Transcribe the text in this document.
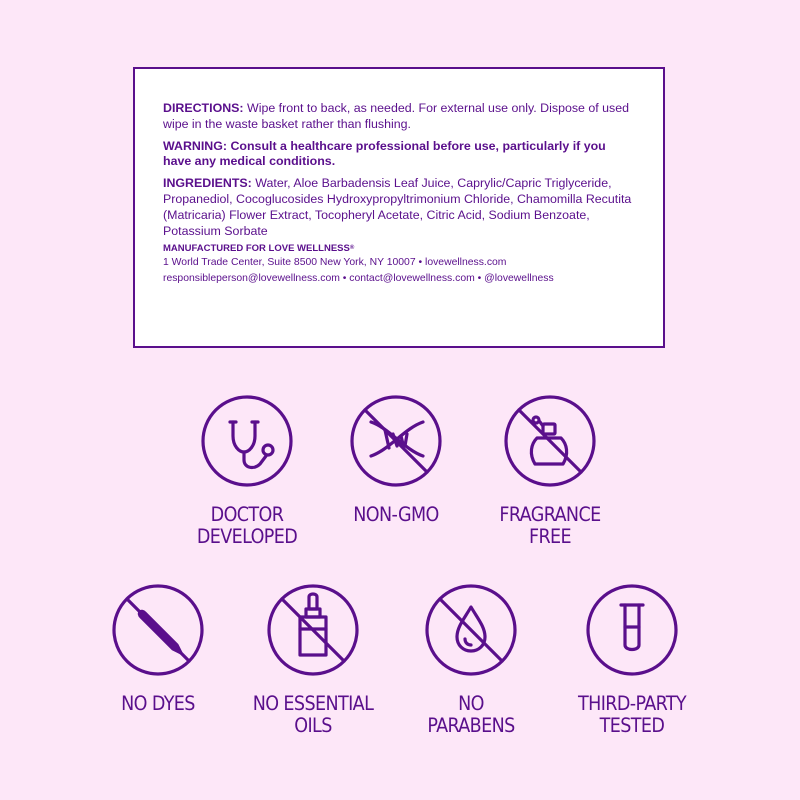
DIRECTIONS: Wipe front to back, as needed. For external use only. Dispose of used wipe in the waste basket rather than flushing.

WARNING: Consult a healthcare professional before use, particularly if you have any medical conditions.

INGREDIENTS: Water, Aloe Barbadensis Leaf Juice, Caprylic/Capric Triglyceride, Propanediol, Cocoglucosides Hydroxypropyltrimonium Chloride, Chamomilla Recutita (Matricaria) Flower Extract, Tocopheryl Acetate, Citric Acid, Sodium Benzoate, Potassium Sorbate

MANUFACTURED FOR LOVE WELLNESS®

1 World Trade Center, Suite 8500 New York, NY 10007 • lovewellness.com

responsibleperson@lovewellness.com • contact@lovewellness.com • @lovewellness

DOCTOR
DEVELOPED
NON-GMO	FRAGRANCE
FREE
NO DYES	NO ESSENTIAL
OILS
NO
PARABENS
THIRD-PARTY
TESTED
